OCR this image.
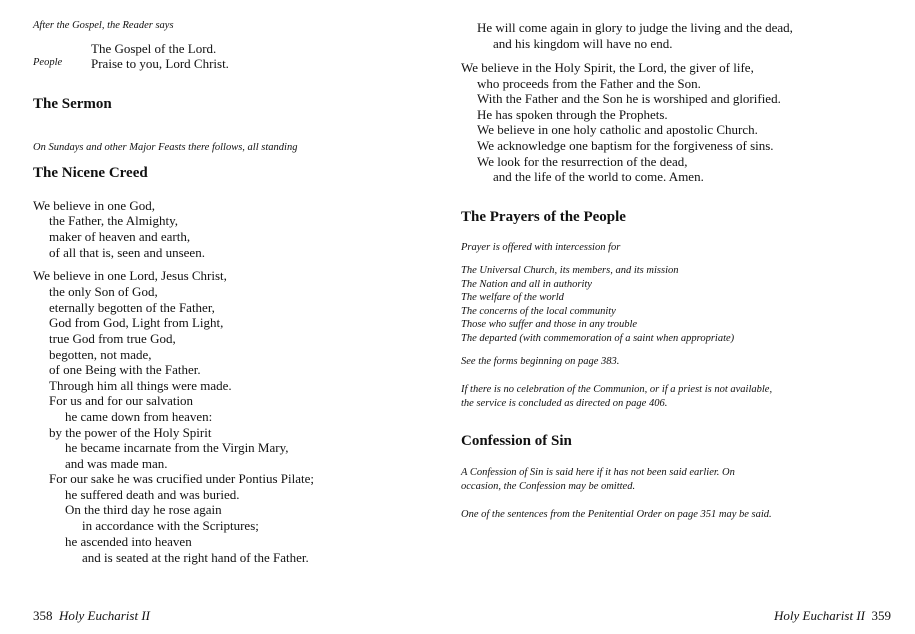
After the Gospel, the Reader says
The Gospel of the Lord.
People Praise to you, Lord Christ.
The Sermon
On Sundays and other Major Feasts there follows, all standing
The Nicene Creed
We believe in one God,
the Father, the Almighty,
maker of heaven and earth,
of all that is, seen and unseen.
We believe in one Lord, Jesus Christ,
the only Son of God,
eternally begotten of the Father,
God from God, Light from Light,
true God from true God,
begotten, not made,
of one Being with the Father.
Through him all things were made.
For us and for our salvation
he came down from heaven:
by the power of the Holy Spirit
he became incarnate from the Virgin Mary,
and was made man.
For our sake he was crucified under Pontius Pilate;
he suffered death and was buried.
On the third day he rose again
in accordance with the Scriptures;
he ascended into heaven
and is seated at the right hand of the Father.
358 Holy Eucharist II
He will come again in glory to judge the living and the dead,
and his kingdom will have no end.
We believe in the Holy Spirit, the Lord, the giver of life,
who proceeds from the Father and the Son.
With the Father and the Son he is worshiped and glorified.
He has spoken through the Prophets.
We believe in one holy catholic and apostolic Church.
We acknowledge one baptism for the forgiveness of sins.
We look for the resurrection of the dead,
and the life of the world to come. Amen.
The Prayers of the People
Prayer is offered with intercession for
The Universal Church, its members, and its mission
The Nation and all in authority
The welfare of the world
The concerns of the local community
Those who suffer and those in any trouble
The departed (with commemoration of a saint when appropriate)
See the forms beginning on page 383.
If there is no celebration of the Communion, or if a priest is not available,
the service is concluded as directed on page 406.
Confession of Sin
A Confession of Sin is said here if it has not been said earlier. On
occasion, the Confession may be omitted.
One of the sentences from the Penitential Order on page 351 may be said.
Holy Eucharist II 359
